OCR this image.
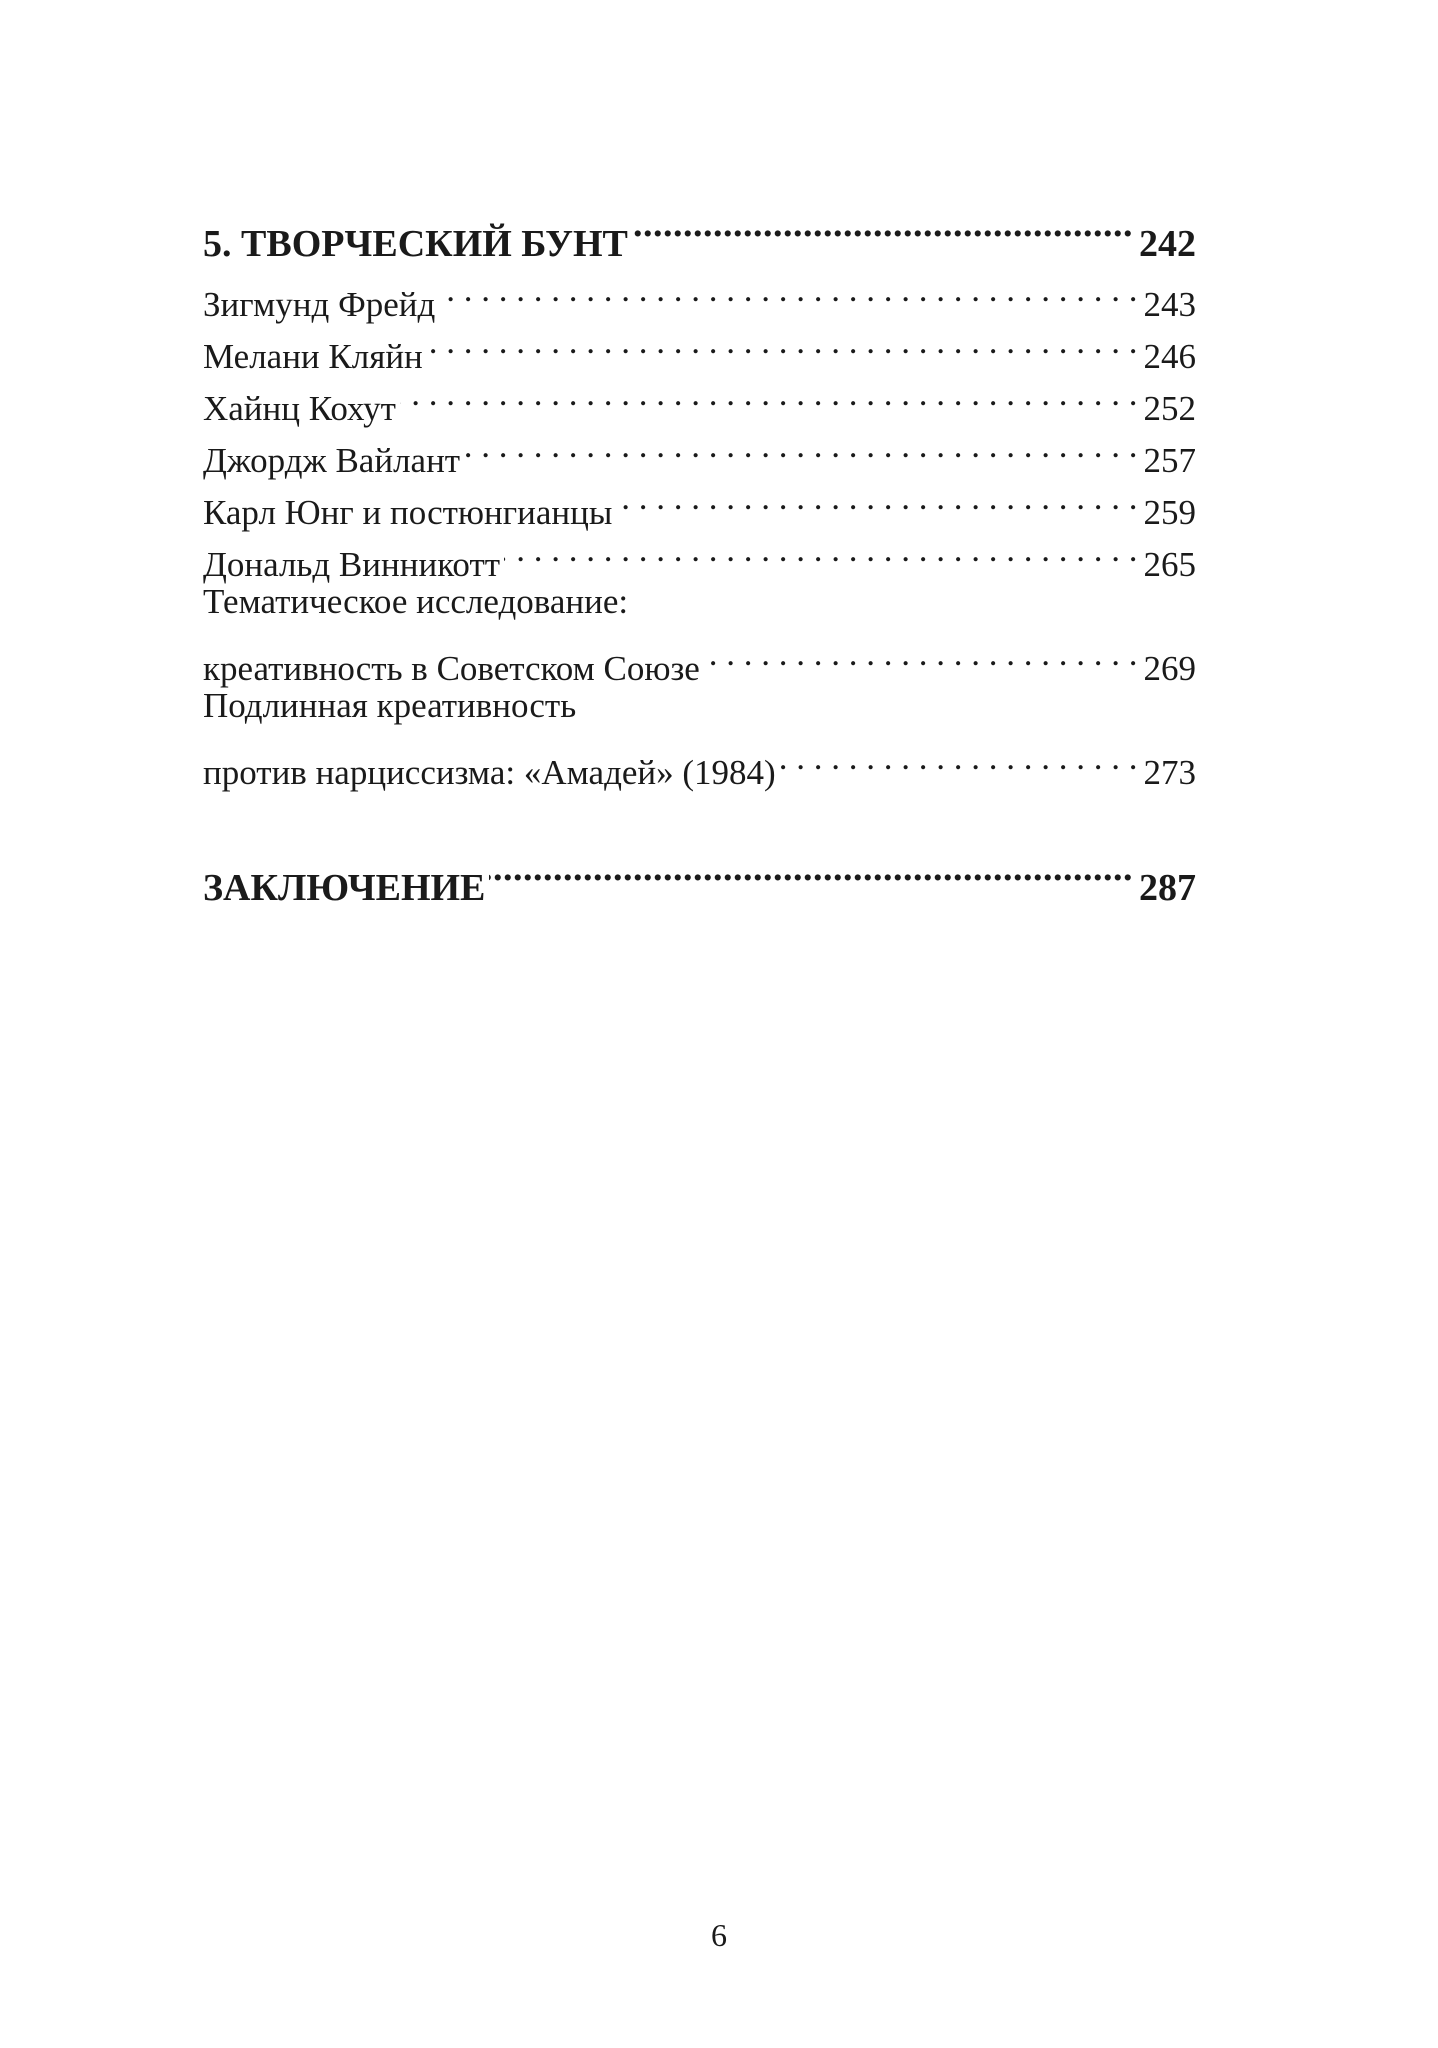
5. ТВОРЧЕСКИЙ БУНТ .....	242
Зигмунд Фрейд . . .	243
Мелани Кляйн . . .	246
Хайнц Кохут . . .	252
Джордж Вайлант . . .	257
Карл Юнг и постюнгианцы . . .	259
Дональд Винникотт . . .	265
Тематическое исследование:
креативность в Советском Союзе . . .	269
Подлинная креативность
против нарциссизма: «Амадей» (1984) . . .	273
ЗАКЛЮЧЕНИЕ .....	287
6
